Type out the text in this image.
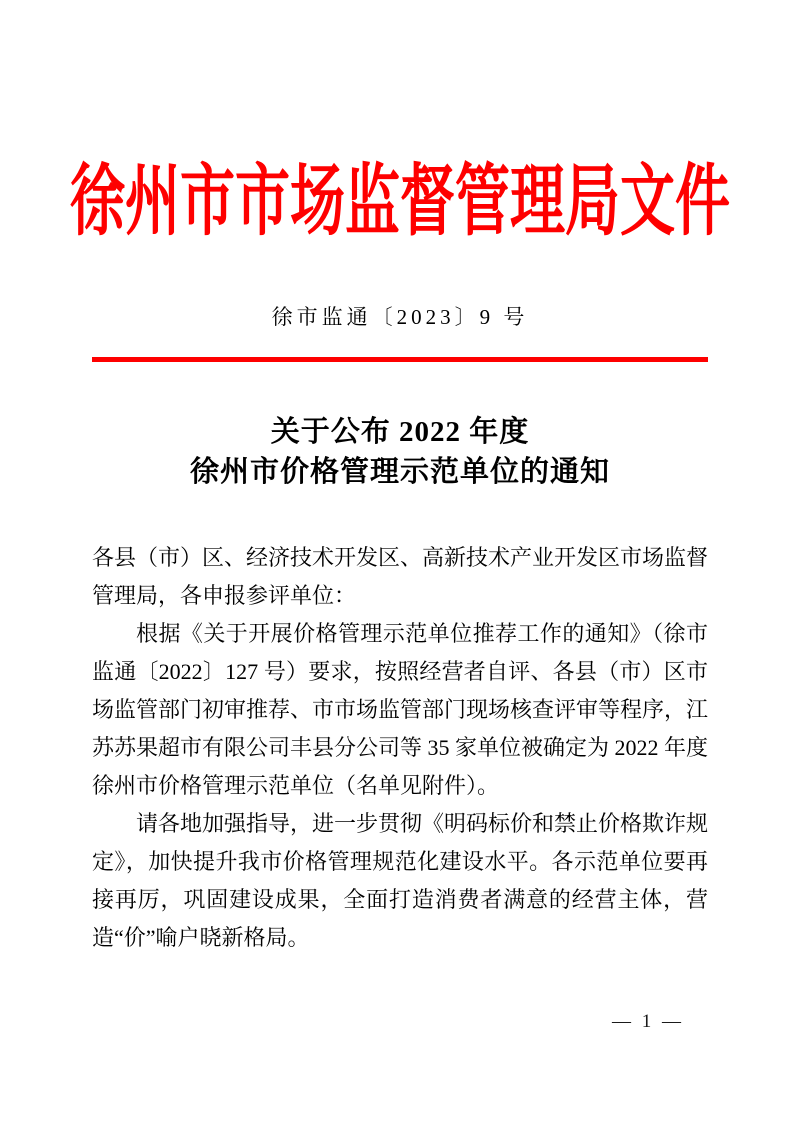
徐州市市场监督管理局文件
徐市监通〔2023〕9 号
关于公布 2022 年度
徐州市价格管理示范单位的通知

各县（市）区、经济技术开发区、高新技术产业开发区市场监督管理局，各申报参评单位：

根据《关于开展价格管理示范单位推荐工作的通知》（徐市监通〔2022〕127 号）要求，按照经营者自评、各县（市）区市场监管部门初审推荐、市市场监管部门现场核查评审等程序，江苏苏果超市有限公司丰县分公司等 35 家单位被确定为 2022 年度徐州市价格管理示范单位（名单见附件）。

请各地加强指导，进一步贯彻《明码标价和禁止价格欺诈规定》，加快提升我市价格管理规范化建设水平。各示范单位要再接再厉，巩固建设成果，全面打造消费者满意的经营主体，营造“价”喻户晓新格局。

— 1 —
